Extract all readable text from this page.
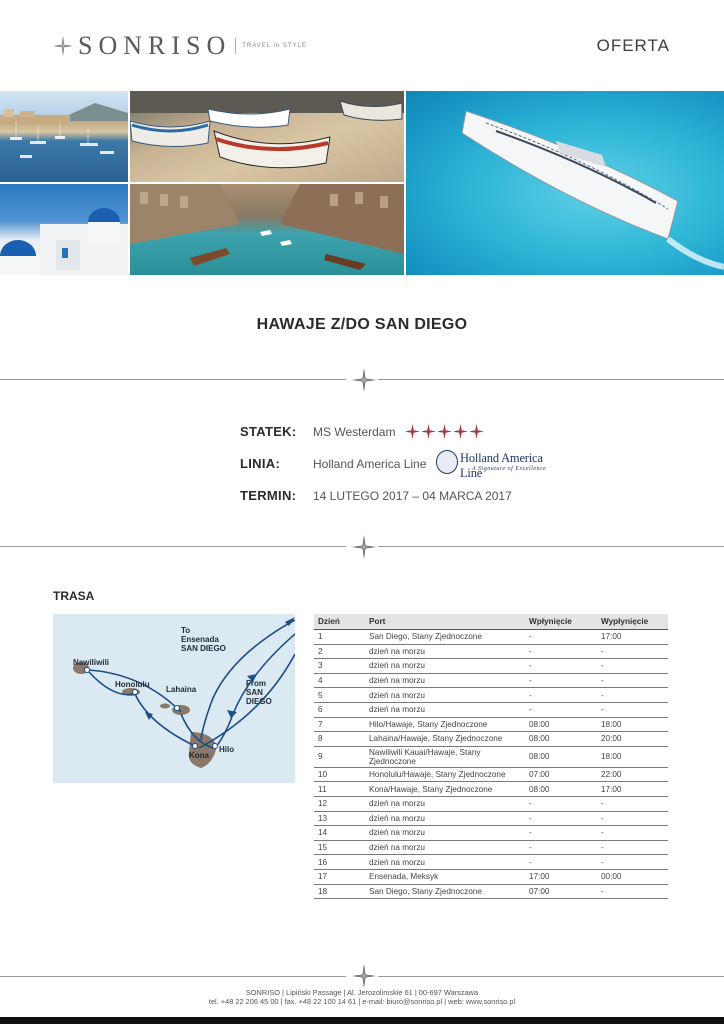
SONRISO TRAVEL in STYLE	OFERTA
HAWAJE Z/DO SAN DIEGO
STATEK: MS Westerdam
LINIA:	Holland America Line	Holland America Line
A Signature of Excellence
TERMIN: 14 LUTEGO 2017 – 04 MARCA 2017
TRASA
To
Ensenada
SAN DIEGO
From
SAN
DIEGO
Nawiliwili
Honolulu
Lahaina
Kona
Hilo
Dzień	Port	Wpłynięcie	Wypłynięcie
1	San Diego, Stany Zjednoczone	-	17:00
2	dzień na morzu	-	-
3	dzień na morzu	-	-
4	dzień na morzu	-	-
5	dzień na morzu	-	-
6	dzień na morzu	-	-
7	Hilo/Hawaje, Stany Zjednoczone	08:00	18:00
8	Lahaina/Hawaje, Stany Zjednoczone	08:00	20:00
9	Nawiliwili Kauai/Hawaje, Stany Zjednoczone	08:00	18:00
10	Honolulu/Hawaje, Stany Zjednoczone	07:00	22:00
11	Kona/Hawaje, Stany Zjednoczone	08:00	17:00
12	dzień na morzu	-	-
13	dzień na morzu	-	-
14	dzień na morzu	-	-
15	dzień na morzu	-	-
16	dzień na morzu	-	-
17	Ensenada, Meksyk	17:00	00:00
18	San Diego, Stany Zjednoczone	07:00	-
SONRISO | Lipiński Passage | Al. Jerozolimskie 61 | 00-697 Warszawa
tel. +48 22 206 45 00 | fax. +48 22 100 14 61 | e-mail: biuro@sonriso.pl | web: www.sonriso.pl
